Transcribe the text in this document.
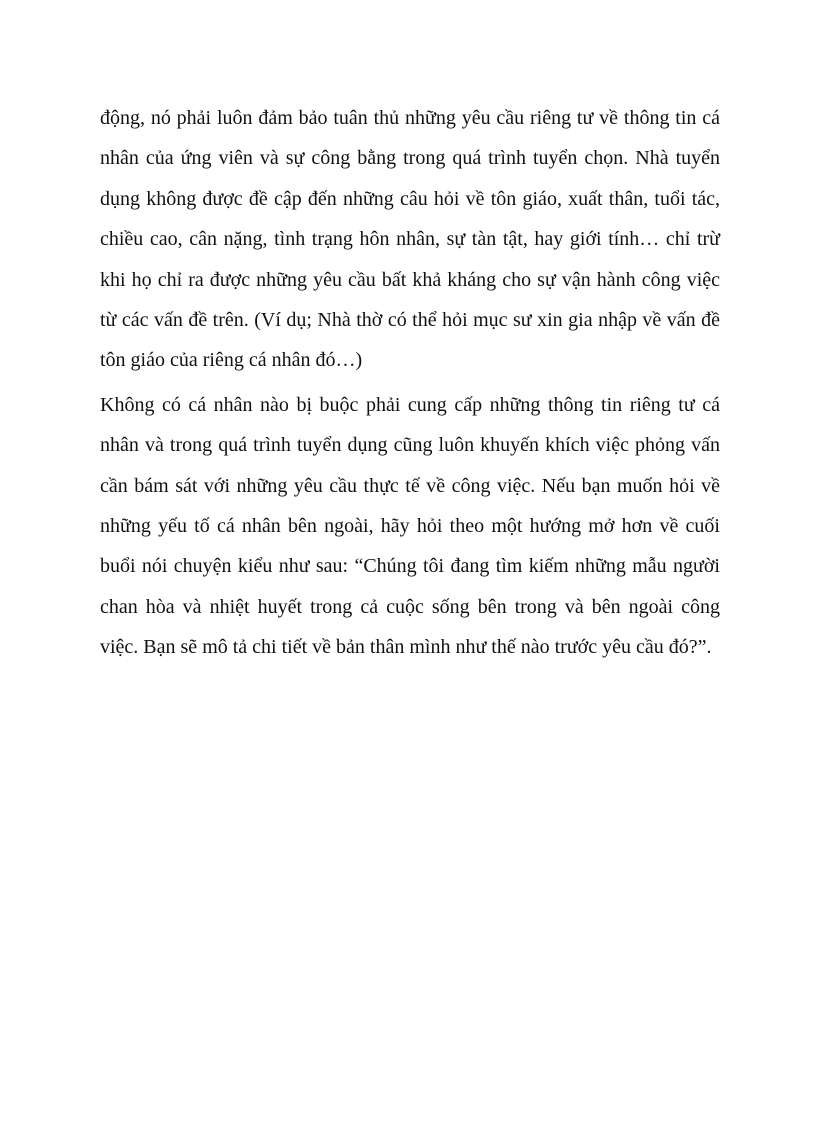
động, nó phải luôn đảm bảo tuân thủ những yêu cầu riêng tư về thông tin cá nhân của ứng viên và sự công bằng trong quá trình tuyển chọn. Nhà tuyển dụng không được đề cập đến những câu hỏi về tôn giáo, xuất thân, tuổi tác, chiều cao, cân nặng, tình trạng hôn nhân, sự tàn tật, hay giới tính… chỉ trừ khi họ chỉ ra được những yêu cầu bất khả kháng cho sự vận hành công việc từ các vấn đề trên. (Ví dụ; Nhà thờ có thể hỏi mục sư xin gia nhập về vấn đề tôn giáo của riêng cá nhân đó…)

Không có cá nhân nào bị buộc phải cung cấp những thông tin riêng tư cá nhân và trong quá trình tuyển dụng cũng luôn khuyến khích việc phỏng vấn cần bám sát với những yêu cầu thực tế về công việc. Nếu bạn muốn hỏi về những yếu tố cá nhân bên ngoài, hãy hỏi theo một hướng mở hơn về cuối buổi nói chuyện kiểu như sau: “Chúng tôi đang tìm kiếm những mẫu người chan hòa và nhiệt huyết trong cả cuộc sống bên trong và bên ngoài công việc. Bạn sẽ mô tả chi tiết về bản thân mình như thế nào trước yêu cầu đó?”.
